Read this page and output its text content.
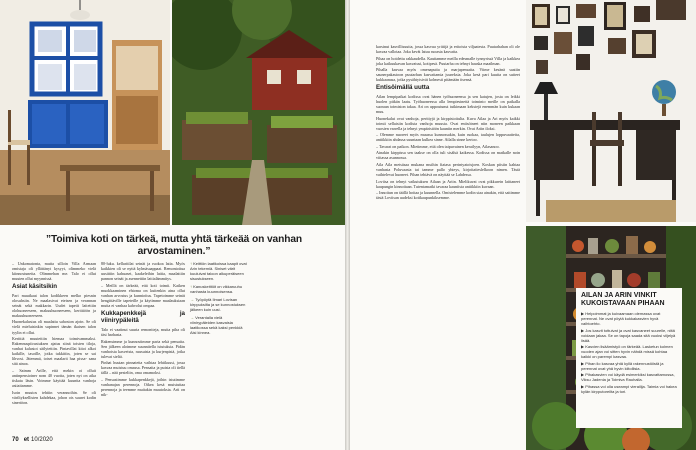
”Toimiva koti on tärkeä, mutta yhtä tärkeää on vanhan arvostaminen.”

– Unkomatonta, mutta silloin Villa Armaan omistaja oli yllättänyt kysyyt, olimmeko vielä kiinnostuneita. Olimmehan me. Talo ei ollut muuten ollut myynnissä.

Asiat käsitsikin

Pari muutkaat talon kodikkeen melko piesnin olosuhsiin. Ne maalasivat eteisen ja verannan seinät sekä makkarin. Uudet tapetit laitettiin olohuoneeseen, makuuhuoneeseen, kerittiöön ja makuuhuoneeseen.

Huonekalustus oli maalattu sahoston ajoin. Se oli vielä mieluisinkin supinnet tämän tkaisen talon tyylin ei ollut.

Kerittiä muutettiin hiemaa toimivammaksi. Rakennuspiirustuksen ajatus siinä toisten tiloja, vanhat kalustot säilytettiin. Pintavillat kitoi alkoi kaikille, tasoille, jotka tukkitiin, joten se sai lihvosi. Jätemmä, toiset maalarit haa pissa- sana sitä ainoa.

– Saimm Arille, että mekin oi olluit antinpensioiner nom 40 vuotta, joten nyt on aika tiskata läsin. Voimme käyttää kuuntta vanhoja astiaitamme.

Isoin muutos tehtiin verannoihin. Se oli väriltyksellisten kahdekaa, johon ois suuret kodin sinertöon.

80-luku. kellaritilat seinät ja ruokoa latia. Myös kaikkien oli se nyttä kylmäsaappaat. Remontoitua uusittiin kahuaset, kaakeleihin lattia, maalattiin pannon seinät ja asennettiin lattialämmitys.

– Meillä on tärkeää, että koti toimii. Kaiken muokkaaminen ehtoma on kuitenkin aina ollut vanhan arvostus ja kunnioitus. Tapetoimme seinät hengittäville tapeteille ja käytimme maalauksiaan mutta ei vanhaa kahvolut ompaa.

Kukkapenkkejä ja viinirypäleitä

Talo ei vaatinut suuria remontteja, mutta piha oli täsi harhasta.

Rakensimme ja kunnostimme paria sekä pensaita. Sen jälkeen aloimme suunnitella istutuksia. Pidän vanhoista kasveista, ruusuista ja kurjenpistä, jotka tulevat sieltä.

Pinhat huutan pinnatetta vaihtaa lehtikuusi, jossa kasvaa muistuu omassa. Pensaita ja puista oli tiellä tällä – nää pesteliin, oma omamoksi.

– Pensastimme kukkapenkkejä, joihin istutimme vanhanajan perennoja. Oikea kesä muistuttaa perennoja ja teemme muitakin muutoksia. Arti on nik-

↑ Keittiön laatikoissa kaapit ovat Arin tekemiä. Siniset värit kuuluivat taloon alkuperäiseen sisustukseen.

↑ Kanuskeittiöt on vikkaruuhu vanhasta kuunnoisensa.

→ Työpöytä Ilmari Lovisan kirppuksilta ja se kunnostuksen jälkeen kuin uusi.

→ Verantalla vielä viinirypäleiden kasvaisia laatikossa sekä kaksi penkkiä Aisi kinnea.

70 et 10/2020

karsinut kasvillisuutta, jossa kasvua yrittijä ja eritoista viljaatesta. Puutarhahan oli ole kasvaa vallotaa. Joka kevät latuu ruoasta kasvatta.

Pihaa on hoidettu rakkaudella. Kauttamme meilla edesmalle tynnyrissä Villa ja kaikkea joka kaikuukavan kasvatusi, kotipesä. Puutarha on tehnyt hauska maailman.

Pihalla kasvaa myös omenapuita ja marjapensaita. Viime kesänä saatiin saunerpakastoon puutarhan kasvattamia juureksia. Joka kesä pari kuutta on sutteet kukkaanasa, jotka pysähtyisivät kolmesti pitämään itsensä.

Entisöimällä uutta

Ailan lempipaikat kodissa ovat hänen työhuoneensa ja sen katujen, josta on leikki huolen pitkän laatu. Työhuoneessa alla lempiesinettä toiminto meille on paikalla suoraan toimiston takaa. Ari on uppoutunut tutkimaan kekstejä enemmän kuin kukaan muu.

Huonekalut ovat vanhoja, perittyjä ja kirppistoitulta. Kuva Ailaa ja Ari myös kaikki toimii sellaisiin kodista vanhoja muusta. Ovat entisöineet niin moneen paikkaan vuosien varrella ja tehnyt ympäristöön kauniin merkin. Ovat Ariin iloksi.

– Olemme nuoreet myös muussa kunnossakin, kuin ruokaa, taulujen loppuvaatteita, antiikkiin ahdassa suuntaan kulkea sinne. Ailalla sinne kertoo.

– Tavarat on paikon. Mietimme, että olen taipuvainen kerailyyn, Ailasanoo.

Ainakin kirppissa sen taakse on olla tuli sisälsä kaikessa. Kodissa on matkalle noin viitassa asunnossa.

Aila Aila metsäsaa mukana muihin fiatasa perintyatoisjoen. Koskan piisiin kahtaa vanhasta Poluvaasta tai tamme pallo yhteys, kirjoitatieslelkoon nimen. Tästä vaihtelevat huoneet. Pihan tehtävä on näyttää se Lahdessa.

Loviisa on tehnyt vaikutuksen Ailaan ja Ariin. Mielikuvat ovat pikkurein laittaneet kaupungin kinnoitaan. Tutentamatki tavaraa kauniista antiikkiin kuvaan.

– Innoitun on täällä hoitaa ja kuunnella. Omistelemme kodin siaa ainakin, että saitimme tästä Loviisan uudeksi kotikaupunkiksemme.

AILAN JA ARIN VINKIT KUKOISTAVAAN PIHAAN
▶ Helpoimmat ja kuivaamaan olemassa ovat perennat. Ne ovat pöytä kukkakasvien hyvä vaihtoehto.
▶ Jos kasvit tottuivat ja ovat kasvaneet suurelle, niitä voidaan jakaa. Se on tapoja saada sitä vuoksi viljelyä lisää.
▶ Kasvien lisäämistyö on tärkeää. Lasketun kolmen vuoden ajan voi sitten hyvin nähdä missä kohtaa kaikki on parempi kasvaa.
▶ Pihan ilo kasvaa yhtä kyllä rakennustöistä ja perennat ovat yhä hyvin kiitollisia.
▶ Pihakasvien voi käydä esimerkiksi kasvattamossa, Viksu Jadenia ja Toimiva Rauhalla.
▶ Pihassa voi olla useampi vierailija. Taimia voi hakea kylän kirpputoreilta ja tori.
